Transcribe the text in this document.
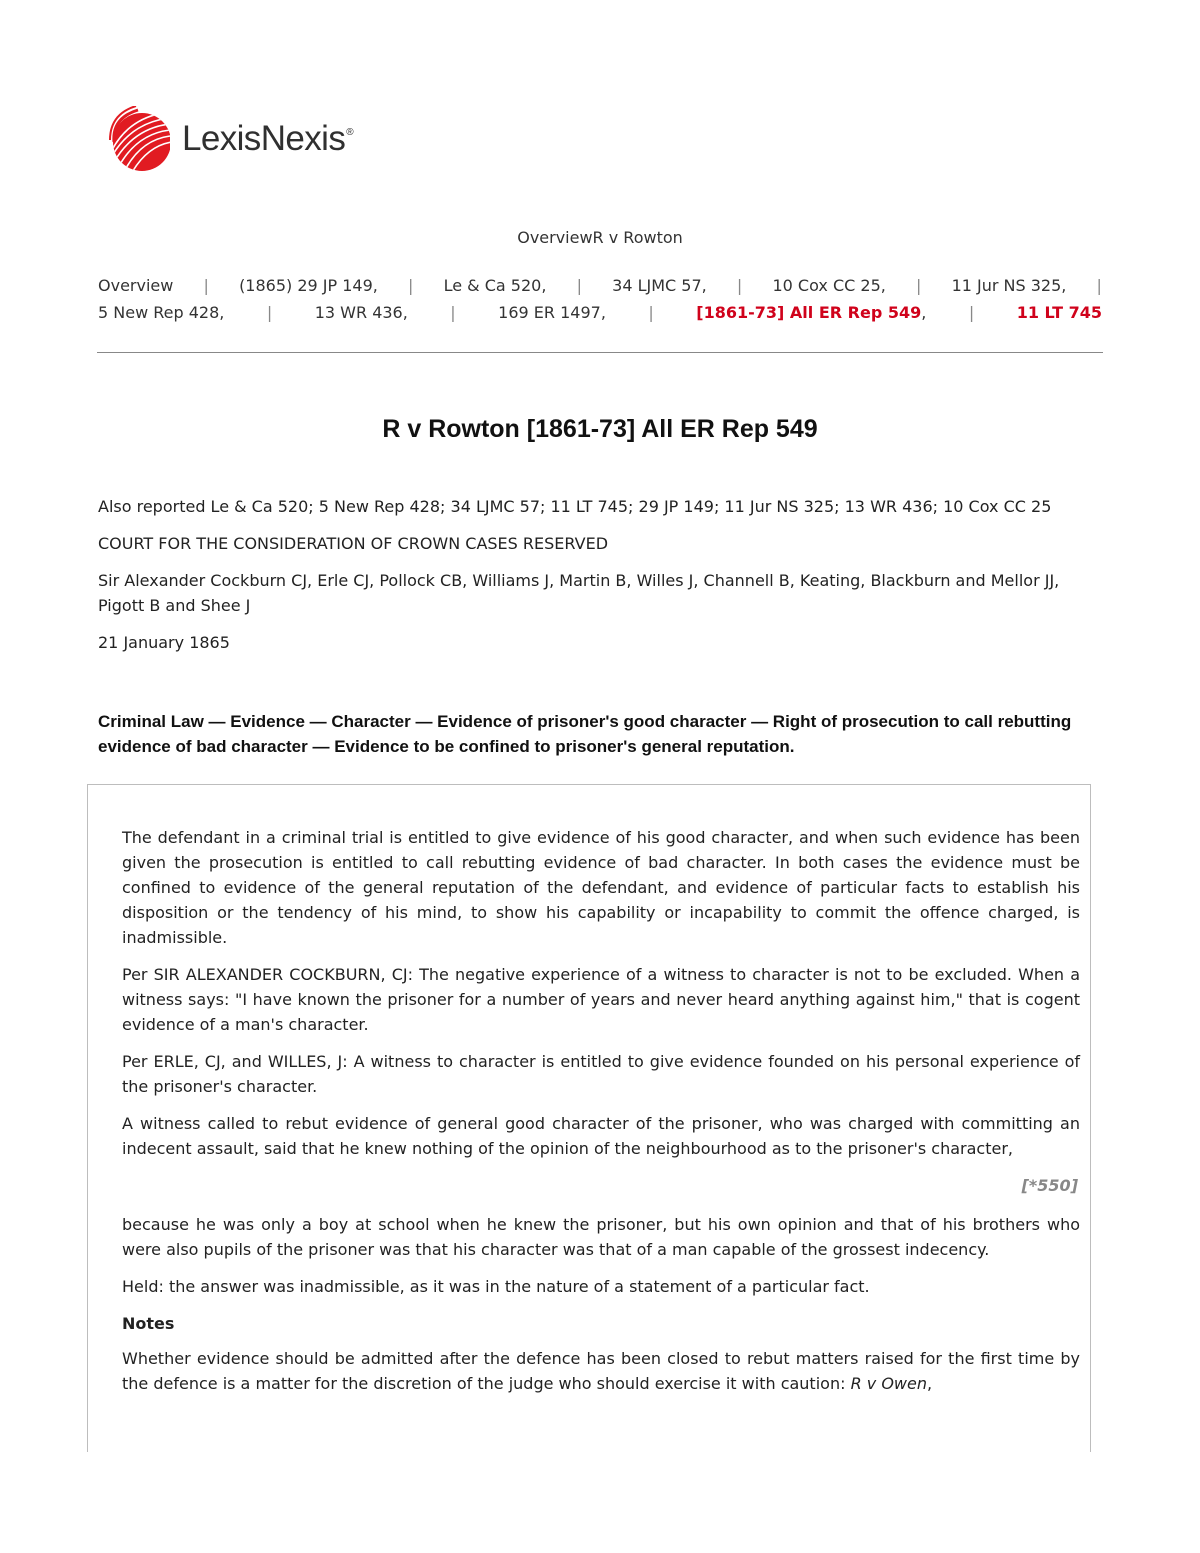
LexisNexis®
OverviewR v Rowton
Overview | (1865) 29 JP 149, | Le & Ca 520, | 34 LJMC 57, | 10 Cox CC 25, | 11 Jur NS 325, |
5 New Rep 428,	|	13 WR 436,	|	169 ER 1497,	|	[1861-73] All ER Rep 549,	|	11 LT 745
R v Rowton [1861-73] All ER Rep 549

Also reported Le & Ca 520; 5 New Rep 428; 34 LJMC 57; 11 LT 745; 29 JP 149; 11 Jur NS 325; 13 WR 436; 10 Cox CC 25

COURT FOR THE CONSIDERATION OF CROWN CASES RESERVED

Sir Alexander Cockburn CJ, Erle CJ, Pollock CB, Williams J, Martin B, Willes J, Channell B, Keating, Blackburn and Mellor JJ, Pigott B and Shee J

21 January 1865

Criminal Law — Evidence — Character — Evidence of prisoner's good character — Right of prosecution to call rebutting evidence of bad character — Evidence to be confined to prisoner's general reputation.

The defendant in a criminal trial is entitled to give evidence of his good character, and when such evidence has been given the prosecution is entitled to call rebutting evidence of bad character. In both cases the evidence must be confined to evidence of the general reputation of the defendant, and evidence of particular facts to establish his disposition or the tendency of his mind, to show his capability or incapability to commit the offence charged, is inadmissible.

Per SIR ALEXANDER COCKBURN, CJ: The negative experience of a witness to character is not to be excluded. When a witness says: "I have known the prisoner for a number of years and never heard anything against him," that is cogent evidence of a man's character.

Per ERLE, CJ, and WILLES, J: A witness to character is entitled to give evidence founded on his personal experience of the prisoner's character.

A witness called to rebut evidence of general good character of the prisoner, who was charged with committing an indecent assault, said that he knew nothing of the opinion of the neighbourhood as to the prisoner's character,

[*550]

because he was only a boy at school when he knew the prisoner, but his own opinion and that of his brothers who were also pupils of the prisoner was that his character was that of a man capable of the grossest indecency.

Held: the answer was inadmissible, as it was in the nature of a statement of a particular fact.

Notes

Whether evidence should be admitted after the defence has been closed to rebut matters raised for the first time by the defence is a matter for the discretion of the judge who should exercise it with caution: R v Owen,
